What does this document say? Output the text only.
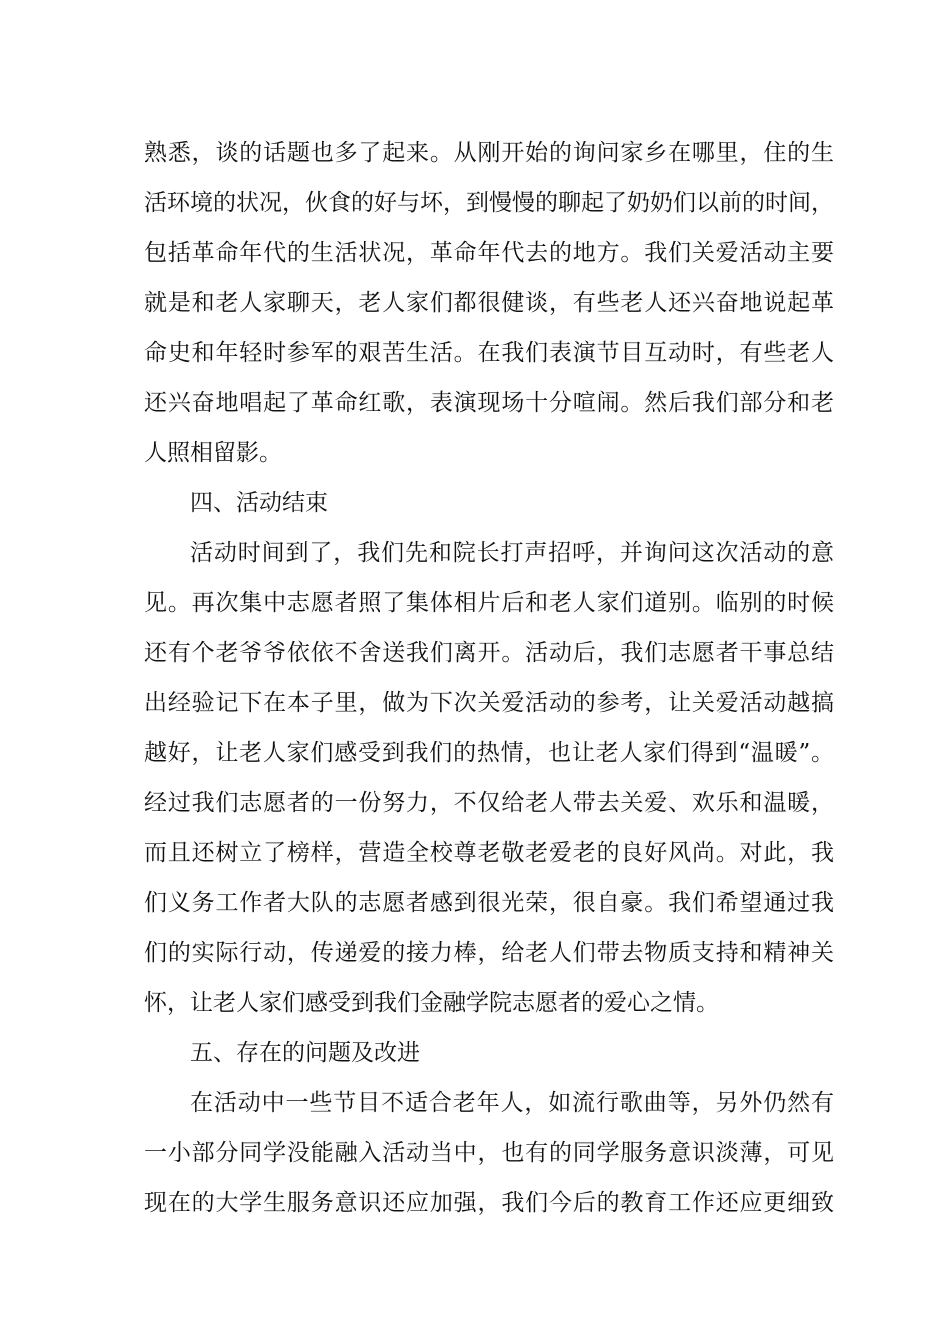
熟悉，谈的话题也多了起来。从刚开始的询问家乡在哪里，住的生
活环境的状况，伙食的好与坏，到慢慢的聊起了奶奶们以前的时间，
包括革命年代的生活状况，革命年代去的地方。我们关爱活动主要
就是和老人家聊天，老人家们都很健谈，有些老人还兴奋地说起革
命史和年轻时参军的艰苦生活。在我们表演节目互动时，有些老人
还兴奋地唱起了革命红歌，表演现场十分喧闹。然后我们部分和老
人照相留影。
四、活动结束
活动时间到了，我们先和院长打声招呼，并询问这次活动的意
见。再次集中志愿者照了集体相片后和老人家们道别。临别的时候
还有个老爷爷依依不舍送我们离开。活动后，我们志愿者干事总结
出经验记下在本子里，做为下次关爱活动的参考，让关爱活动越搞
越好，让老人家们感受到我们的热情，也让老人家们得到“温暖”。
经过我们志愿者的一份努力，不仅给老人带去关爱、欢乐和温暖，
而且还树立了榜样，营造全校尊老敬老爱老的良好风尚。对此，我
们义务工作者大队的志愿者感到很光荣，很自豪。我们希望通过我
们的实际行动，传递爱的接力棒，给老人们带去物质支持和精神关
怀，让老人家们感受到我们金融学院志愿者的爱心之情。
五、存在的问题及改进
在活动中一些节目不适合老年人，如流行歌曲等，另外仍然有
一小部分同学没能融入活动当中，也有的同学服务意识淡薄，可见
现在的大学生服务意识还应加强，我们今后的教育工作还应更细致
